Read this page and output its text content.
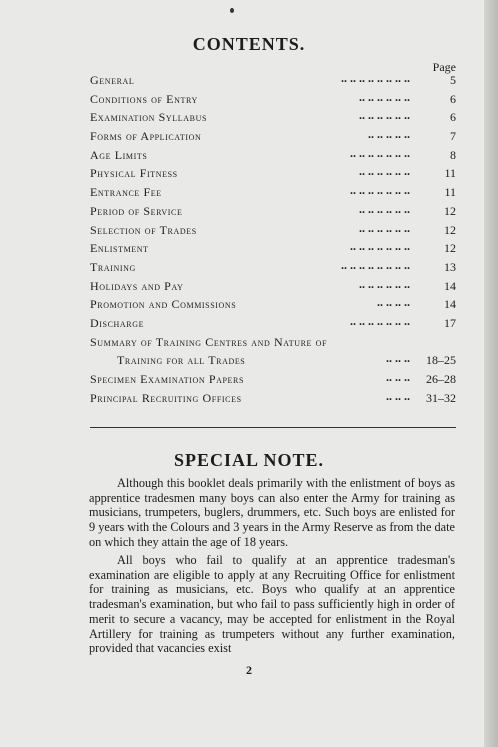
CONTENTS.
Page
General	.. .. .. .. .. .. .. ..	5
Conditions of Entry	.. .. .. .. .. ..	6
Examination Syllabus	.. .. .. .. .. ..	6
Forms of Application	.. .. .. .. ..	7
Age Limits	.. .. .. .. .. .. ..	8
Physical Fitness	.. .. .. .. .. ..	11
Entrance Fee	.. .. .. .. .. .. ..	11
Period of Service	.. .. .. .. .. ..	12
Selection of Trades	.. .. .. .. .. ..	12
Enlistment	.. .. .. .. .. .. ..	12
Training	.. .. .. .. .. .. .. ..	13
Holidays and Pay	.. .. .. .. .. ..	14
Promotion and Commissions	.. .. .. ..	14
Discharge	.. .. .. .. .. .. ..	17
Summary of Training Centres and Nature of
Training for all Trades	.. .. .. 18–25
Specimen Examination Papers	.. .. .. 26–28
Principal Recruiting Offices	.. .. .. 31–32
SPECIAL NOTE.

Although this booklet deals primarily with the enlistment of boys as apprentice tradesmen many boys can also enter the Army for training as musicians, trumpeters, buglers, drummers, etc. Such boys are enlisted for 9 years with the Colours and 3 years in the Army Reserve as from the date on which they attain the age of 18 years.

All boys who fail to qualify at an apprentice tradesman's examination are eligible to apply at any Recruiting Office for enlistment for training as musicians, etc. Boys who qualify at an apprentice tradesman's examination, but who fail to pass sufficiently high in order of merit to secure a vacancy, may be accepted for enlistment in the Royal Artillery for training as trumpeters without any further examination, provided that vacancies exist

2
